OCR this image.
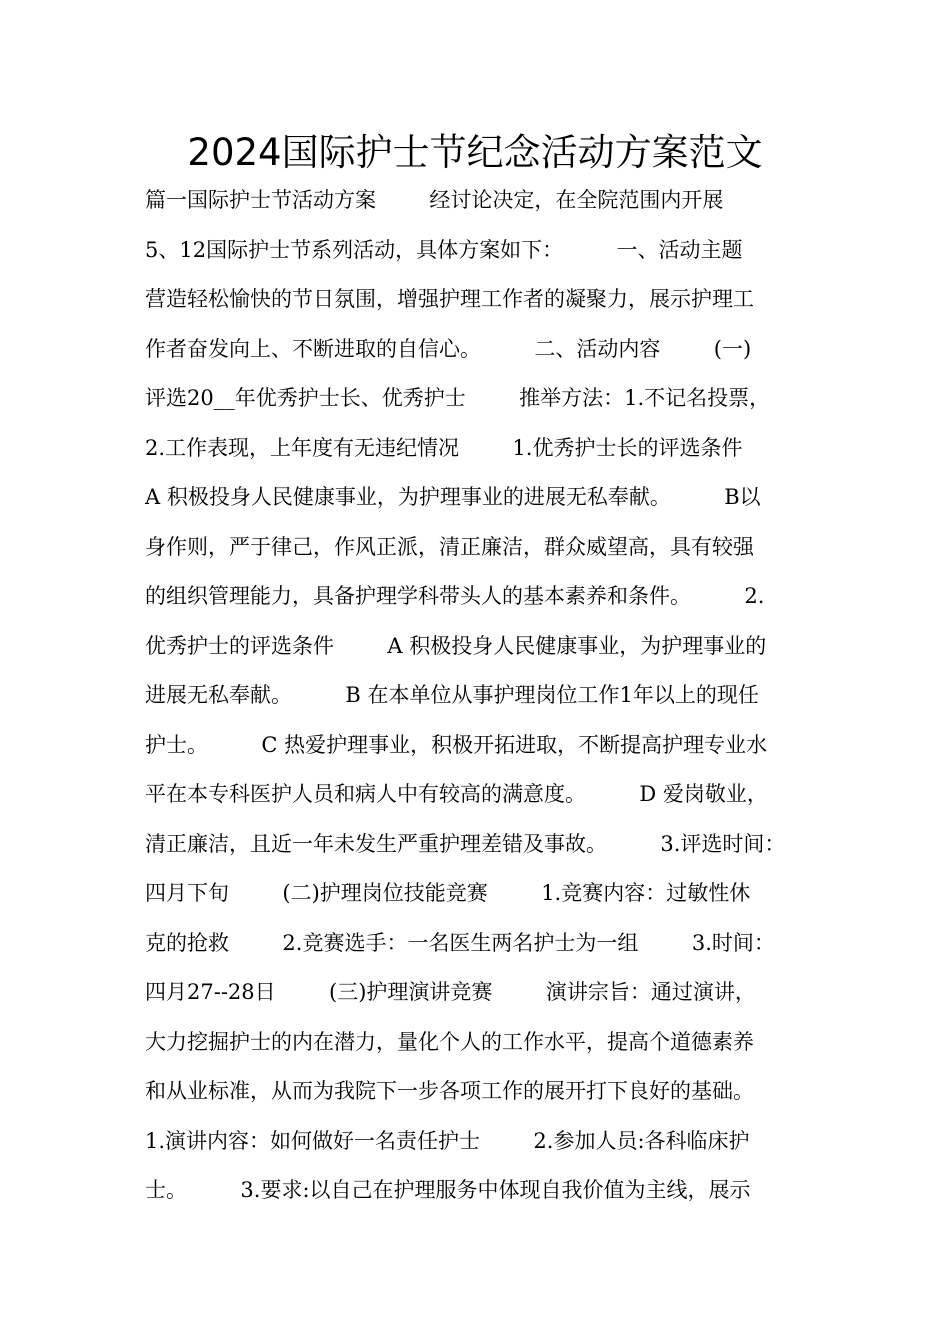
2024国际护士节纪念活动方案范文
篇一国际护士节活动方案        经讨论决定，在全院范围内开展
5、12国际护士节系列活动，具体方案如下：        一、活动主题
营造轻松愉快的节日氛围，增强护理工作者的凝聚力，展示护理工
作者奋发向上、不断进取的自信心。        二、活动内容        (一)
评选20__年优秀护士长、优秀护士        推举方法：1.不记名投票，
2.工作表现，上年度有无违纪情况        1.优秀护士长的评选条件
A 积极投身人民健康事业，为护理事业的进展无私奉献。        B以
身作则，严于律己，作风正派，清正廉洁，群众威望高，具有较强
的组织管理能力，具备护理学科带头人的基本素养和条件。        2.
优秀护士的评选条件        A 积极投身人民健康事业，为护理事业的
进展无私奉献。        B 在本单位从事护理岗位工作1年以上的现任
护士。        C 热爱护理事业，积极开拓进取，不断提高护理专业水
平在本专科医护人员和病人中有较高的满意度。        D 爱岗敬业，
清正廉洁，且近一年未发生严重护理差错及事故。        3.评选时间：
四月下旬        (二)护理岗位技能竞赛        1.竞赛内容：过敏性休
克的抢救        2.竞赛选手：一名医生两名护士为一组        3.时间：
四月27--28日        (三)护理演讲竞赛        演讲宗旨：通过演讲，
大力挖掘护士的内在潜力，量化个人的工作水平，提高个道德素养
和从业标准，从而为我院下一步各项工作的展开打下良好的基础。
1.演讲内容：如何做好一名责任护士        2.参加人员:各科临床护
士。        3.要求:以自己在护理服务中体现自我价值为主线，展示
